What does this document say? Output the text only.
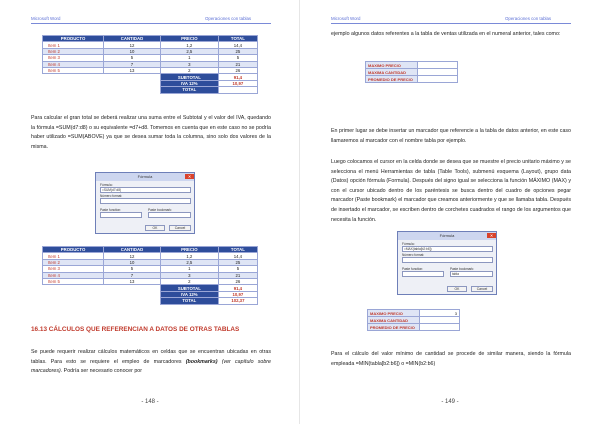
Microsoft Word	Operaciones con tablas
PRODUCTO	CANTIDAD	PRECIO	TOTAL
Item 1	12	1,2	14,4
Item 2	10	2,5	25
Item 3	5	1	5
Item 4	7	3	21
Item 5	13	2	26
		SUBTOTAL	91,4
		IVA 12%	10,97
		TOTAL	
Para calcular el gran total se deberá realizar una suma entre el Subtotal y el valor del IVA, quedando la fórmula =SUM(d7:d8) o su equivalente =d7+d8. Tomemos en cuenta que en este caso no se podría haber utilizado =SUM(ABOVE) ya que se desea sumar toda la columna, sino solo dos valores de la misma.
Fórmula	✕
Fórmula:
=SUM(d7:d8)
Número format:
Paste function:	Paste bookmark:
OK	Cancel
PRODUCTO	CANTIDAD	PRECIO	TOTAL
Item 1	12	1,2	14,4
Item 2	10	2,5	25
Item 3	5	1	5
Item 4	7	3	21
Item 5	13	2	26
		SUBTOTAL	91,4
		IVA 12%	10,97
		TOTAL	102,37
16.13 CÁLCULOS QUE REFERENCIAN A DATOS DE OTRAS TABLAS
Se puede requerir realizar cálculos matemáticos en celdas que se encuentran ubicadas en otras tablas. Para esto se requiere el empleo de marcadores (bookmarks) (ver capítulo sobre marcadores). Podría ser necesario conocer por
- 148 -
Microsoft Word	Operaciones con tablas
ejemplo algunos datos referentes a la tabla de ventas utilizada en el numeral anterior, tales como:
MAXIMO PRECIO	
MAXIMA CANTIDAD	
PROMEDIO DE PRECIO	
En primer lugar se debe insertar un marcador que referencie a la tabla de datos anterior, en este caso llamaremos al marcador con el nombre tabla por ejemplo.
Luego colocamos el cursor en la celda donde se desea que se muestre el precio unitario máximo y se selecciona el menú Herramientas de tabla (Table Tools), submenú esquema (Layout), grupo data (Datos) opción fórmula (Formula). Después del signo igual se selecciona la función MÁXIMO (MAX) y con el cursor ubicado dentro de los paréntesis se busca dentro del cuadro de opciones pegar marcador (Paste bookmark) el marcador que creamos anteriormente y que se llamaba tabla. Después de insertado el marcador, se escriben dentro de corchetes cuadrados el rango de los argumentos que necesita la función.
Fórmula	✕
Fórmula:
=MAX(tabla[b2:b6])
Número format:
Paste function:	Paste bookmark:
tabla
OK	Cancel
MAXIMO PRECIO	3
MAXIMA CANTIDAD	
PROMEDIO DE PRECIO	
Para el cálculo del valor mínimo de cantidad se procede de similar manera, siendo la fórmula empleada =MIN(tabla[b2:b6]) o =MIN(b2:b6)
- 149 -
